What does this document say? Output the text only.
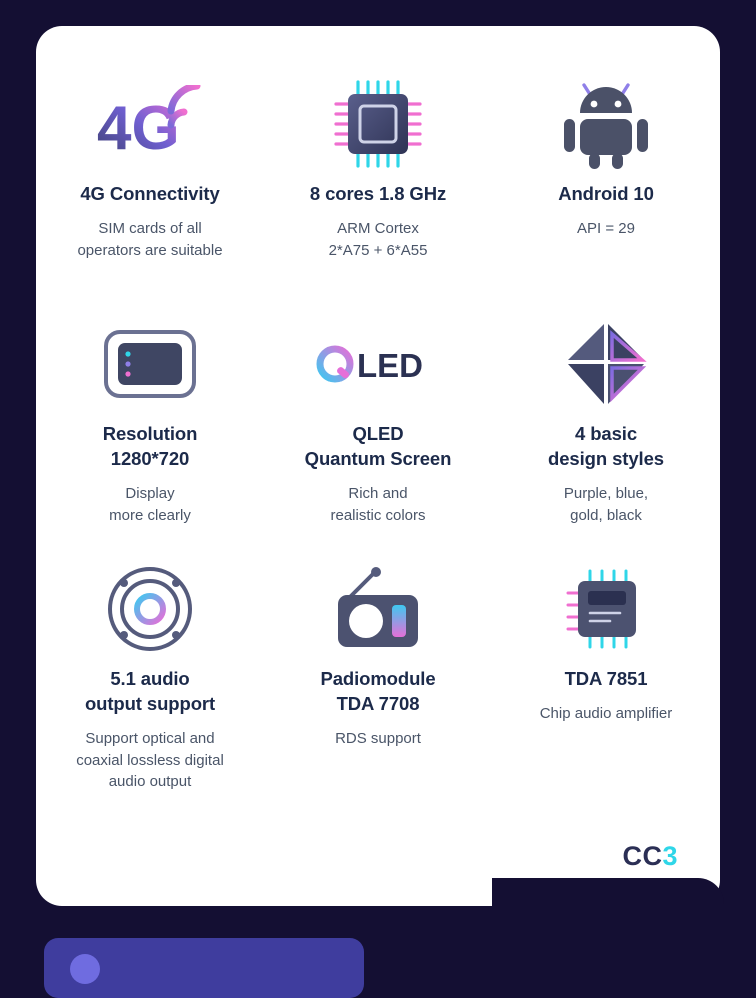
4G
4G Connectivity
SIM cards of all
operators are suitable
8 cores 1.8 GHz
ARM Cortex
2*A75 + 6*A55
Android 10
API = 29
Resolution
1280*720
Display
more clearly
LED
QLED
Quantum Screen
Rich and
realistic colors
4 basic
design styles
Purple, blue,
gold, black
5.1 audio
output support
Support optical and
coaxial lossless digital
audio output
Padiomodule
TDA 7708
RDS support
TDA 7851
Chip audio amplifier
CC3
